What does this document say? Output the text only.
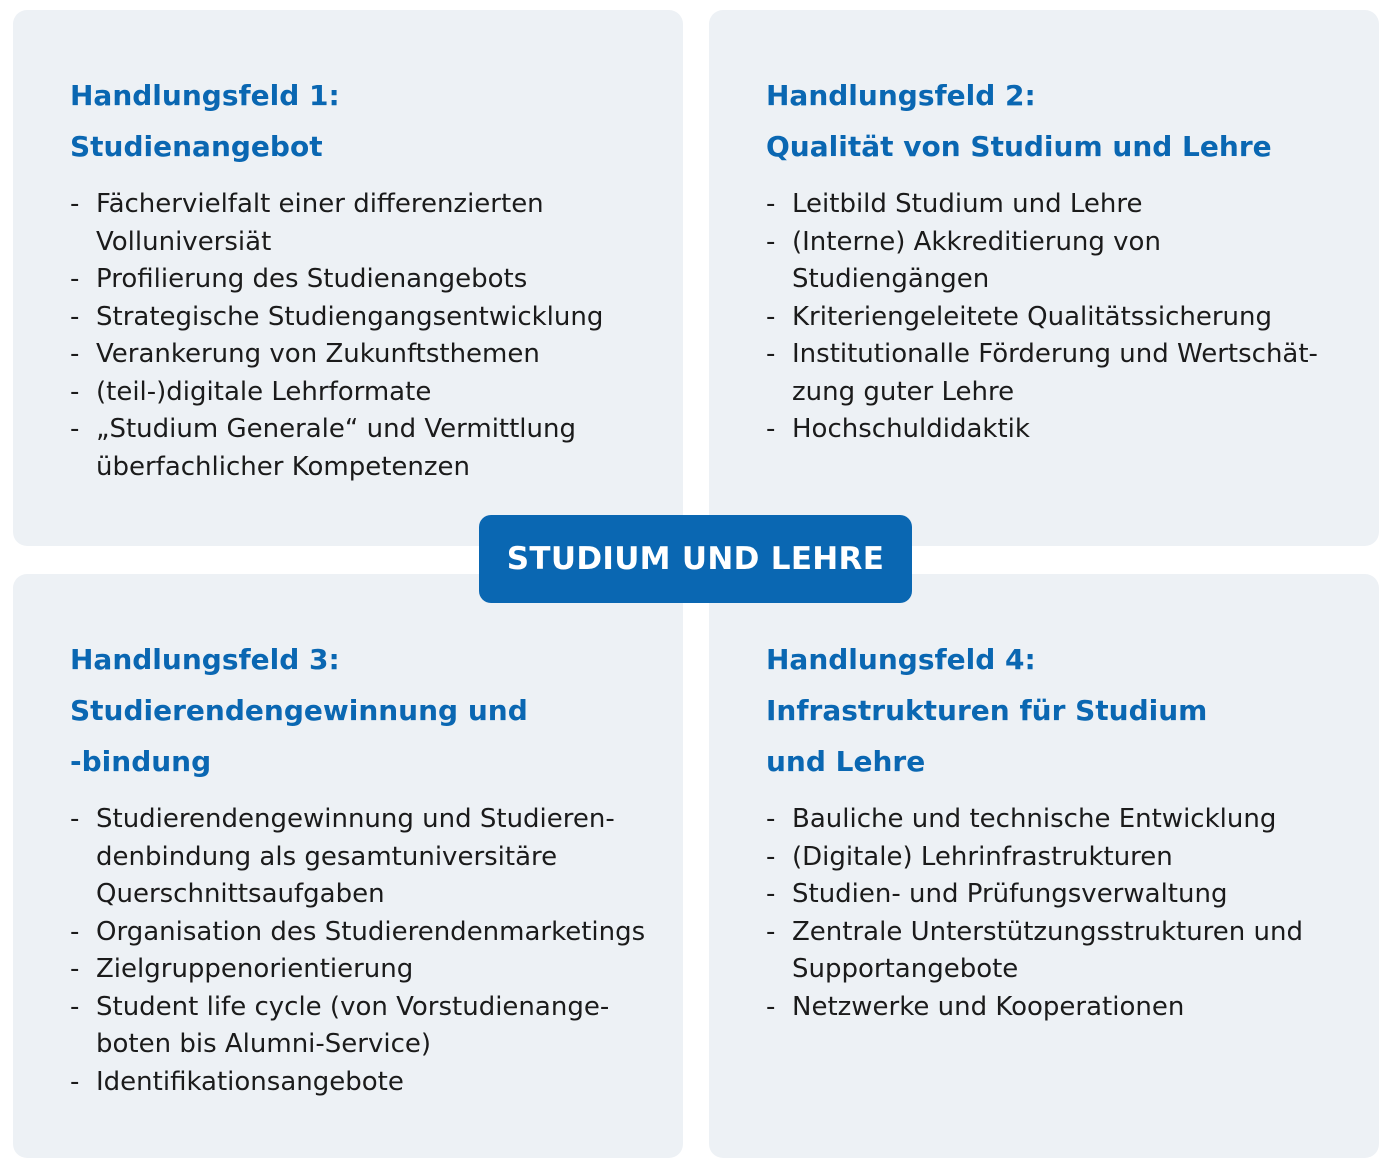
Handlungsfeld 1:
Studienangebot
- Fächervielfalt einer differenzierten
Volluniversiät
- Profilierung des Studienangebots
- Strategische Studiengangsentwicklung
- Verankerung von Zukunftsthemen
- (teil-)digitale Lehrformate
- „Studium Generale“ und Vermittlung
überfachlicher Kompetenzen
Handlungsfeld 2:
Qualität von Studium und Lehre
- Leitbild Studium und Lehre
- (Interne) Akkreditierung von
Studiengängen
- Kriteriengeleitete Qualitätssicherung
- Institutionalle Förderung und Wertschät-
zung guter Lehre
- Hochschuldidaktik
Handlungsfeld 3:
Studierendengewinnung und
-bindung
- Studierendengewinnung und Studieren-
denbindung als gesamtuniversitäre
Querschnittsaufgaben
- Organisation des Studierendenmarketings
- Zielgruppenorientierung
- Student life cycle (von Vorstudienange-
boten bis Alumni-Service)
- Identifikationsangebote
Handlungsfeld 4:
Infrastrukturen für Studium
und Lehre
- Bauliche und technische Entwicklung
- (Digitale) Lehrinfrastrukturen
- Studien- und Prüfungsverwaltung
- Zentrale Unterstützungsstrukturen und
Supportangebote
- Netzwerke und Kooperationen
STUDIUM UND LEHRE
